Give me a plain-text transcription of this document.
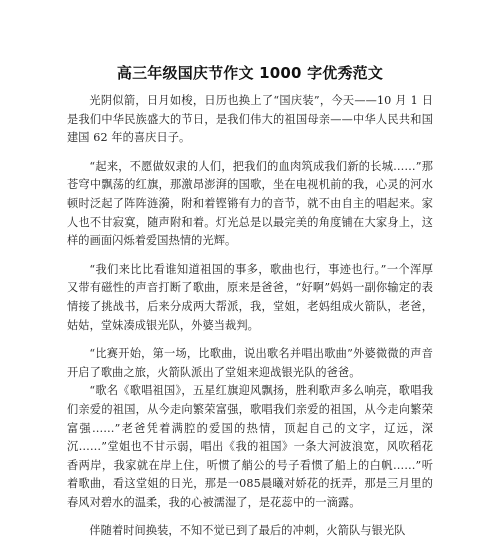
高三年级国庆节作文 1000 字优秀范文

光阴似箭，日月如梭，日历也换上了“国庆装”，今天——10 月 1 日是我们中华民族盛大的节日，是我们伟大的祖国母亲——中华人民共和国建国 62 年的喜庆日子。

“起来，不愿做奴隶的人们，把我们的血肉筑成我们新的长城……”那苍穹中飘荡的红旗，那激昂澎湃的国歌，坐在电视机前的我，心灵的河水顿时泛起了阵阵涟漪，附和着铿锵有力的音节，就不由自主的唱起来。家人也不甘寂寞，随声附和着。灯光总是以最完美的角度铺在大家身上，这样的画面闪烁着爱国热情的光辉。

“我们来比比看谁知道祖国的事多，歌曲也行，事迹也行。”一个浑厚又带有磁性的声音打断了歌曲，原来是爸爸，“好啊”妈妈一副你输定的表情接了挑战书，后来分成两大帮派，我，堂姐，老妈组成火箭队，老爸，姑姑，堂妹凑成银光队，外婆当裁判。

“比赛开始，第一场，比歌曲，说出歌名并唱出歌曲”外婆微微的声音开启了歌曲之旅，火箭队派出了堂姐来迎战银光队的爸爸。

“歌名《歌唱祖国》，五星红旗迎风飘扬，胜利歌声多么响亮，歌唱我们亲爱的祖国，从今走向繁荣富强，歌唱我们亲爱的祖国，从今走向繁荣富强……”老爸凭着满腔的爱国的热情，顶起自己的文字，辽远，深沉……”堂姐也不甘示弱，唱出《我的祖国》一条大河波浪宽，风吹稻花香两岸，我家就在岸上住，听惯了艄公的号子看惯了船上的白帆……”听着歌曲，看这堂姐的日光，那是一085晨曦对娇花的抚弄，那是三月里的春风对碧水的温柔，我的心被濡湿了，是花蕊中的一滴露。

伴随着时间换装，不知不觉已到了最后的冲刺，火箭队与银光队
